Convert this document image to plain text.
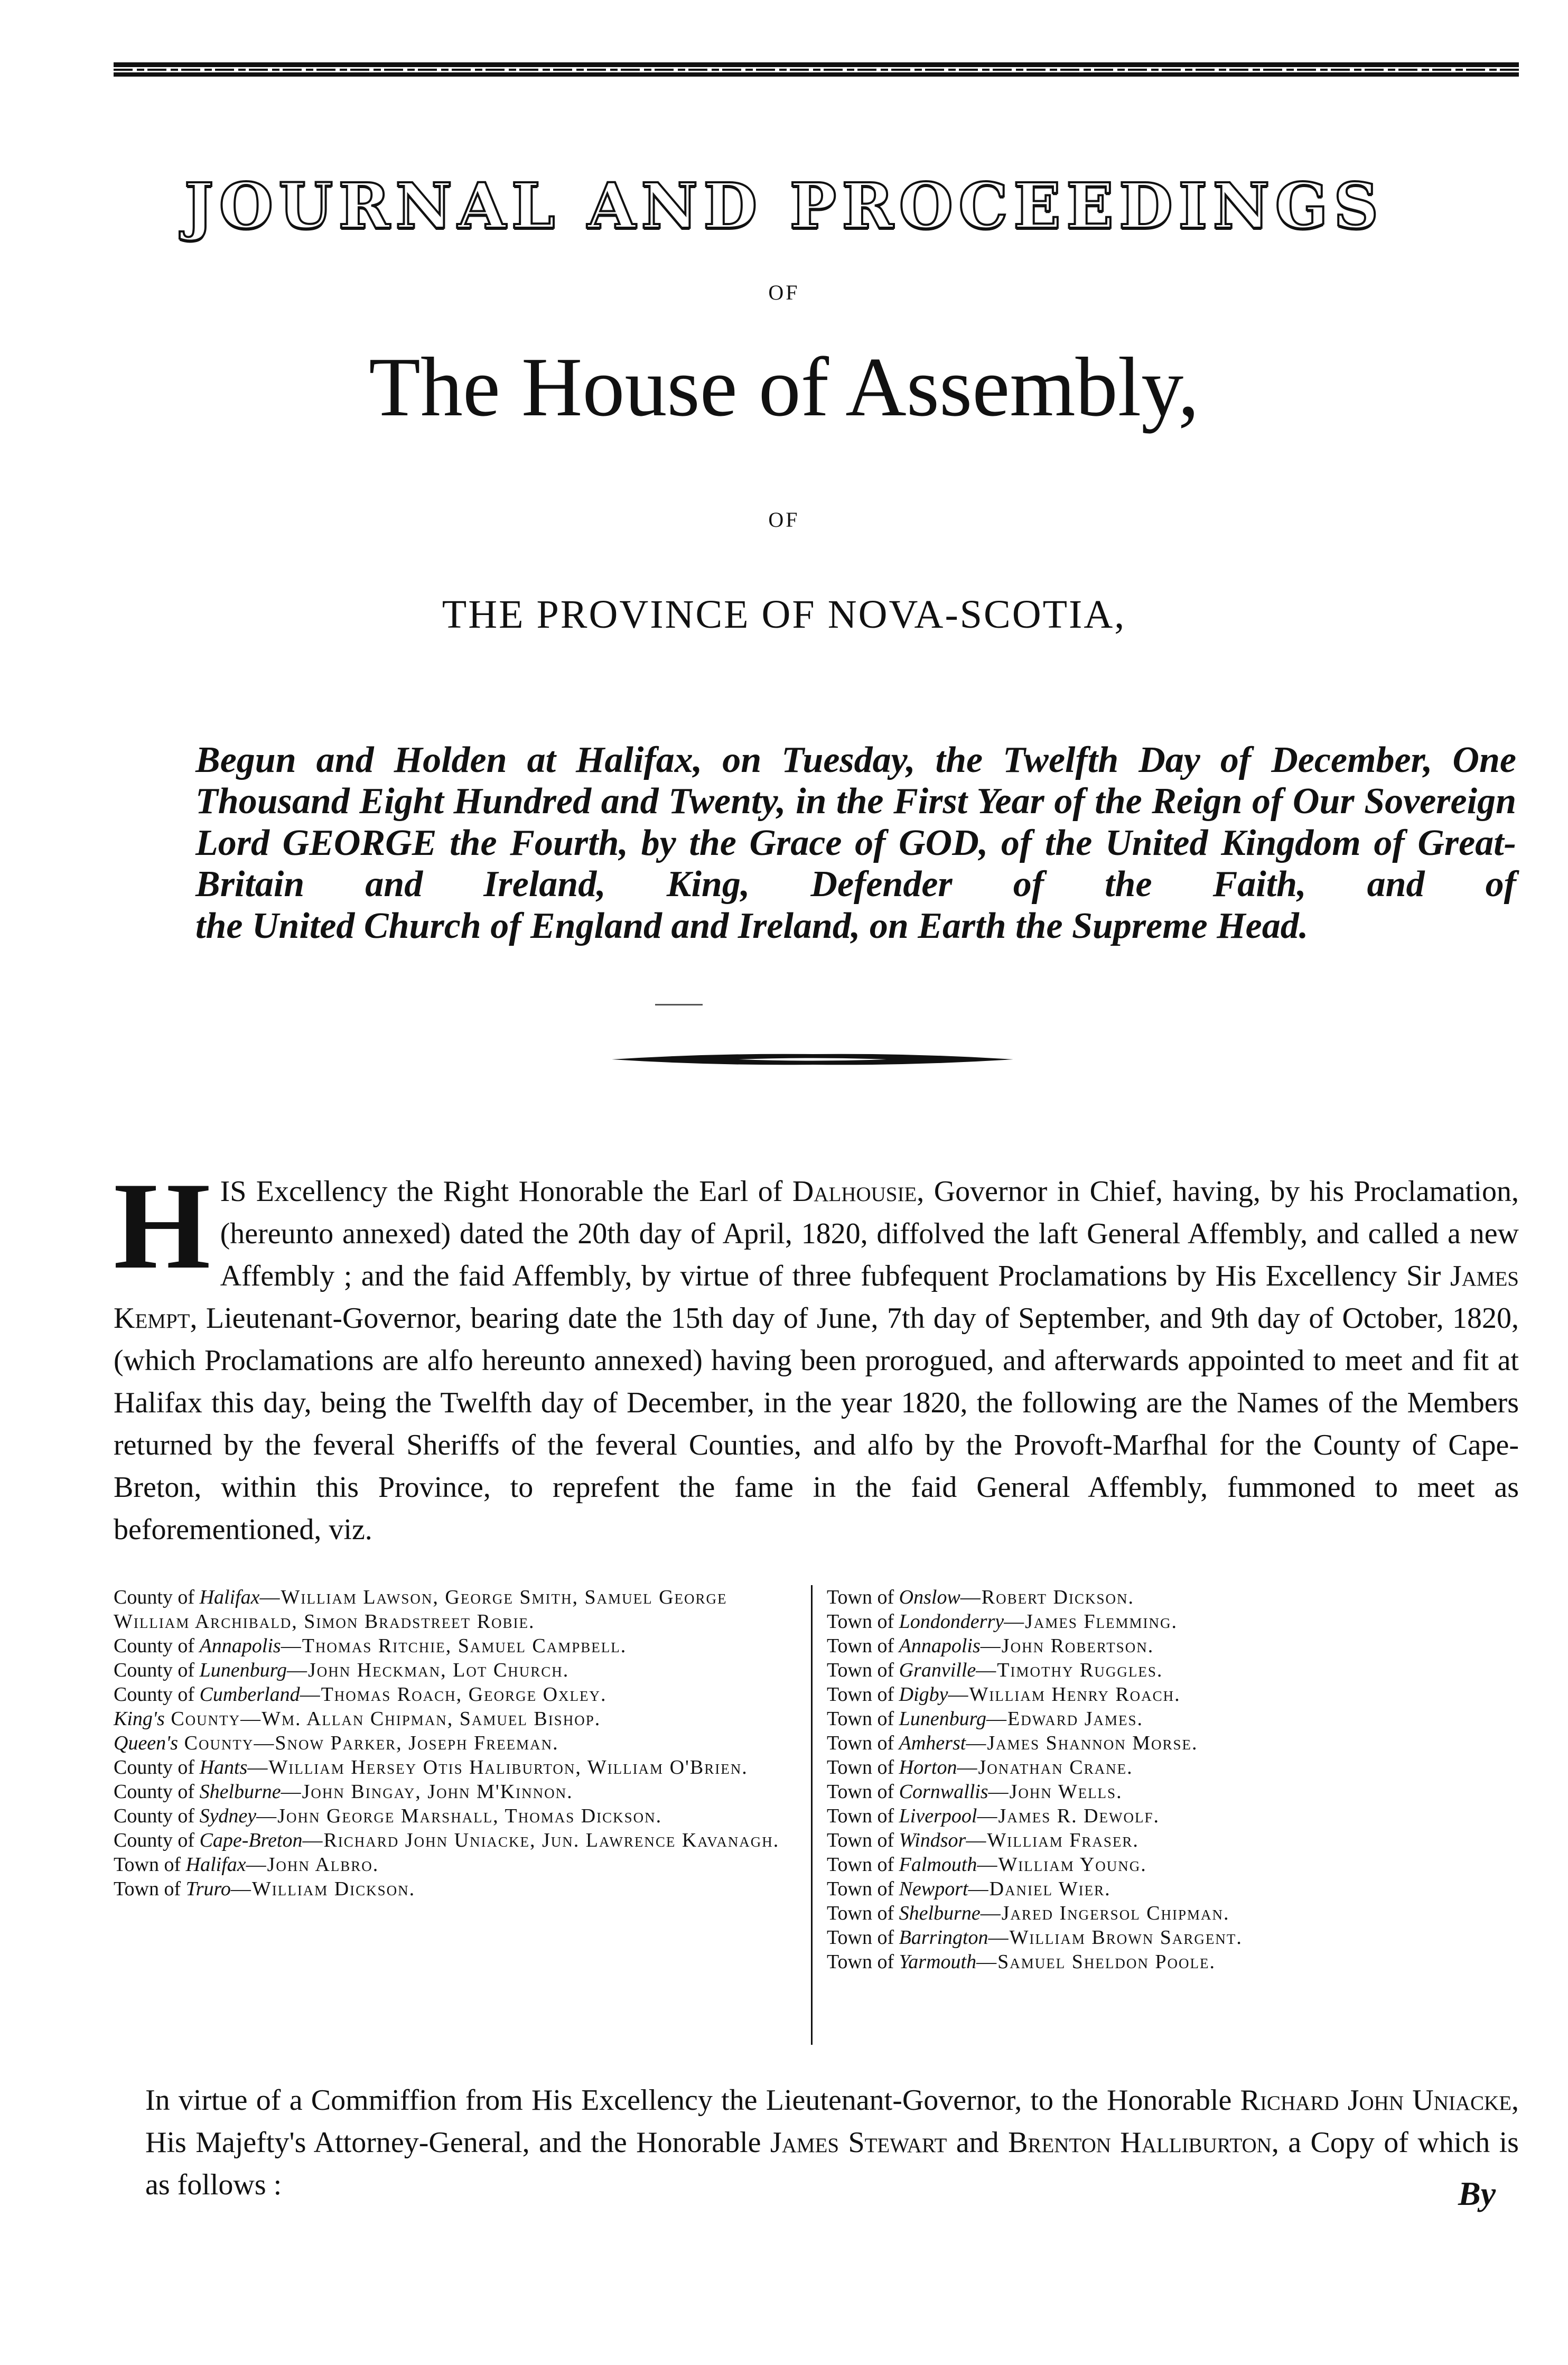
JOURNAL AND PROCEEDINGS
OF
The House of Assembly,
OF
THE PROVINCE OF NOVA-SCOTIA,
Begun and Holden at Halifax, on Tuesday, the Twelfth Day of December, One Thousand Eight Hundred and Twenty, in the First Year of the Reign of Our Sovereign Lord GEORGE the Fourth, by the Grace of GOD, of the United Kingdom of Great-Britain and Ireland, King, Defender of the Faith, and of
the United Church of England and Ireland, on Earth the Supreme Head.
H IS Excellency the Right Honorable the Earl of Dalhousie, Governor in Chief, having, by his Proclamation, (hereunto annexed) dated the 20th day of April, 1820, diffolved the laft General Affembly, and called a new Affembly ; and the faid Affembly, by virtue of three fubfequent Proclamations by His Excellency Sir James Kempt, Lieutenant-Governor, bearing date the 15th day of June, 7th day of September, and 9th day of October, 1820, (which Proclamations are alfo hereunto annexed) having been prorogued, and afterwards appointed to meet and fit at Halifax this day, being the Twelfth day of December, in the year 1820, the following are the Names of the Members returned by the feveral Sheriffs of the feveral Counties, and alfo by the Provoft-Marfhal for the County of Cape-Breton, within this Province, to reprefent the fame in the faid General Affembly, fummoned to meet as beforementioned, viz.

County of Halifax—William Lawson, George Smith, Samuel George William Archibald, Simon Bradstreet Robie.

County of Annapolis—Thomas Ritchie, Samuel Campbell.

County of Lunenburg—John Heckman, Lot Church.

County of Cumberland—Thomas Roach, George Oxley.

King's County—Wm. Allan Chipman, Samuel Bishop.

Queen's County—Snow Parker, Joseph Freeman.

County of Hants—William Hersey Otis Haliburton, William O'Brien.

County of Shelburne—John Bingay, John M'Kinnon.

County of Sydney—John George Marshall, Thomas Dickson.

County of Cape-Breton—Richard John Uniacke, Jun. Lawrence Kavanagh.

Town of Halifax—John Albro.

Town of Truro—William Dickson.

Town of Onslow—Robert Dickson.

Town of Londonderry—James Flemming.

Town of Annapolis—John Robertson.

Town of Granville—Timothy Ruggles.

Town of Digby—William Henry Roach.

Town of Lunenburg—Edward James.

Town of Amherst—James Shannon Morse.

Town of Horton—Jonathan Crane.

Town of Cornwallis—John Wells.

Town of Liverpool—James R. Dewolf.

Town of Windsor—William Fraser.

Town of Falmouth—William Young.

Town of Newport—Daniel Wier.

Town of Shelburne—Jared Ingersol Chipman.

Town of Barrington—William Brown Sargent.

Town of Yarmouth—Samuel Sheldon Poole.

In virtue of a Commiffion from His Excellency the Lieutenant-Governor, to the Honorable Richard John Uniacke, His Majefty's Attorney-General, and the Honorable James Stewart and Brenton Halliburton, a Copy of which is as follows :	By
